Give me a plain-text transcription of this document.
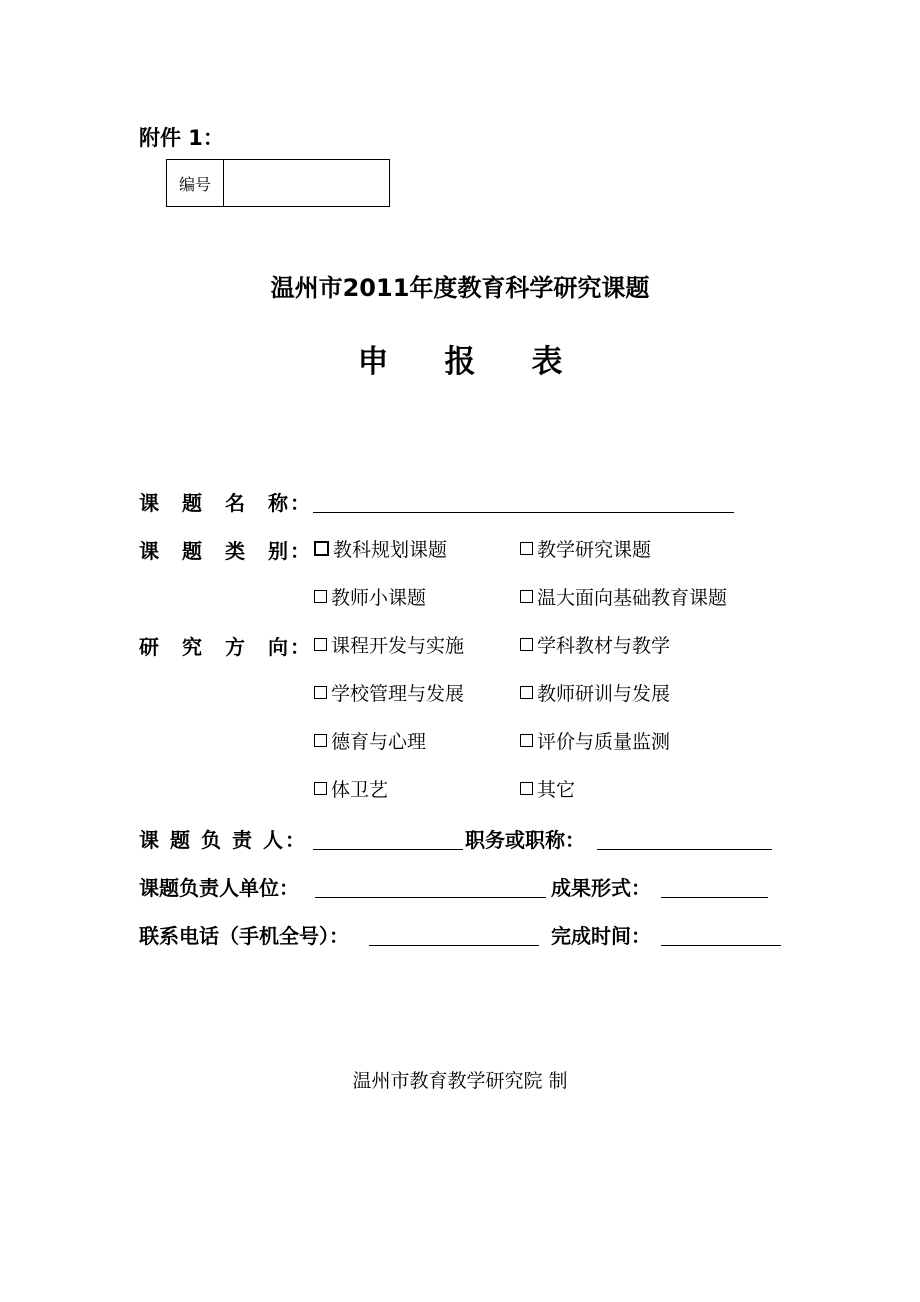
附件 1：
编号
温州市2011年度教育科学研究课题
申 报 表
课 题 名 称 ：
课 题 类 别 ： 教科规划课题	教学研究课题
教师小课题	温大面向基础教育课题
研 究 方 向 ： 课程开发与实施	学科教材与教学
学校管理与发展	教师研训与发展
德育与心理	评价与质量监测
体卫艺	其它
课 题 负 责 人 ：	职务或职称：
课题负责人单位：	成果形式：
联系电话（手机全号）：	完成时间：
温州市教育教学研究院 制
